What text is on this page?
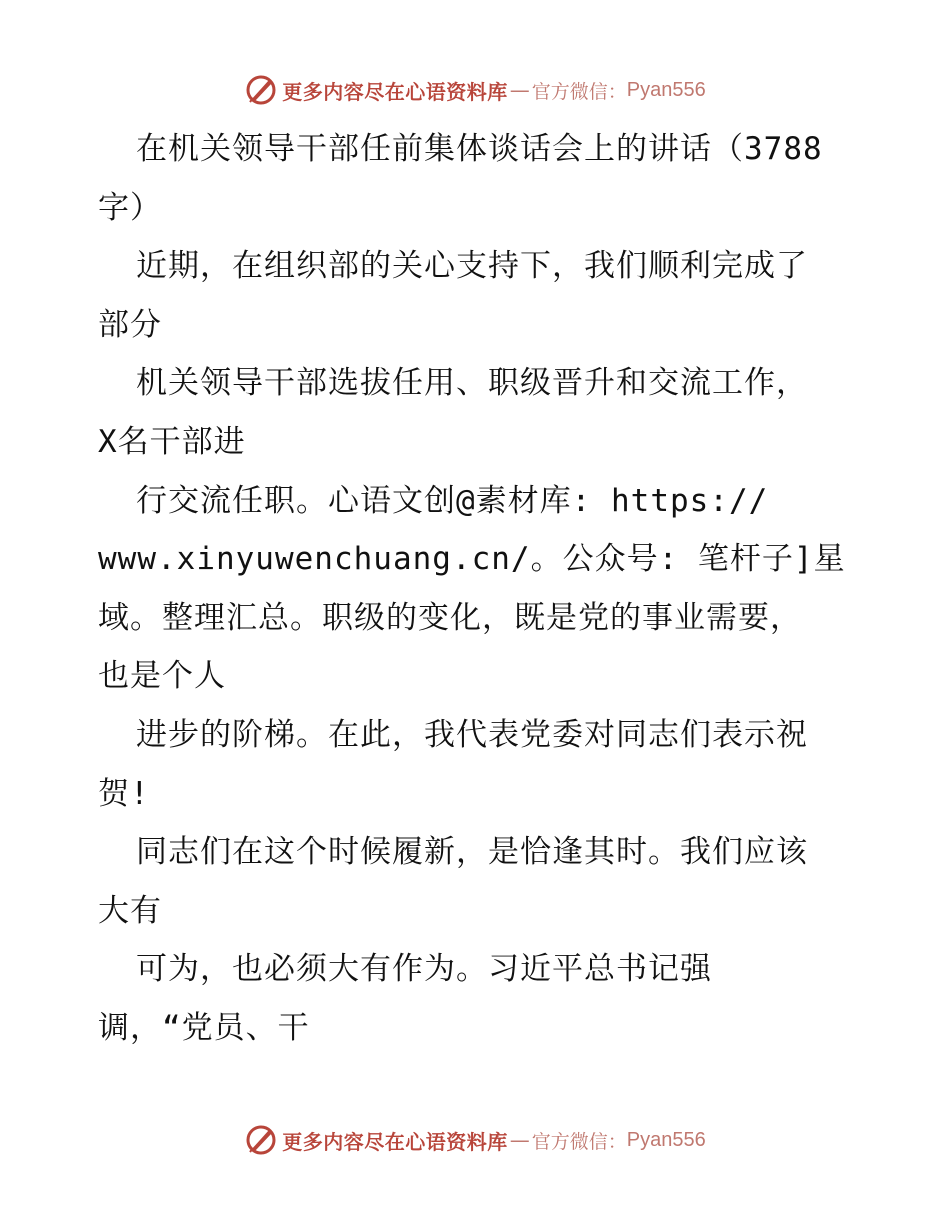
更多内容尽在心语资料库 — 官方微信： Pyan556
在机关领导干部任前集体谈话会上的讲话（3788
字）
近期，在组织部的关心支持下，我们顺利完成了
部分
机关领导干部选拔任用、职级晋升和交流工作，
X名干部进
行交流任职。心语文创@素材库: https://
www.xinyuwenchuang.cn/。公众号: 笔杆子]星
域。整理汇总。职级的变化，既是党的事业需要，
也是个人
进步的阶梯。在此，我代表党委对同志们表示祝
贺!
同志们在这个时候履新，是恰逢其时。我们应该
大有
可为，也必须大有作为。习近平总书记强
调，“党员、干
更多内容尽在心语资料库 — 官方微信： Pyan556
